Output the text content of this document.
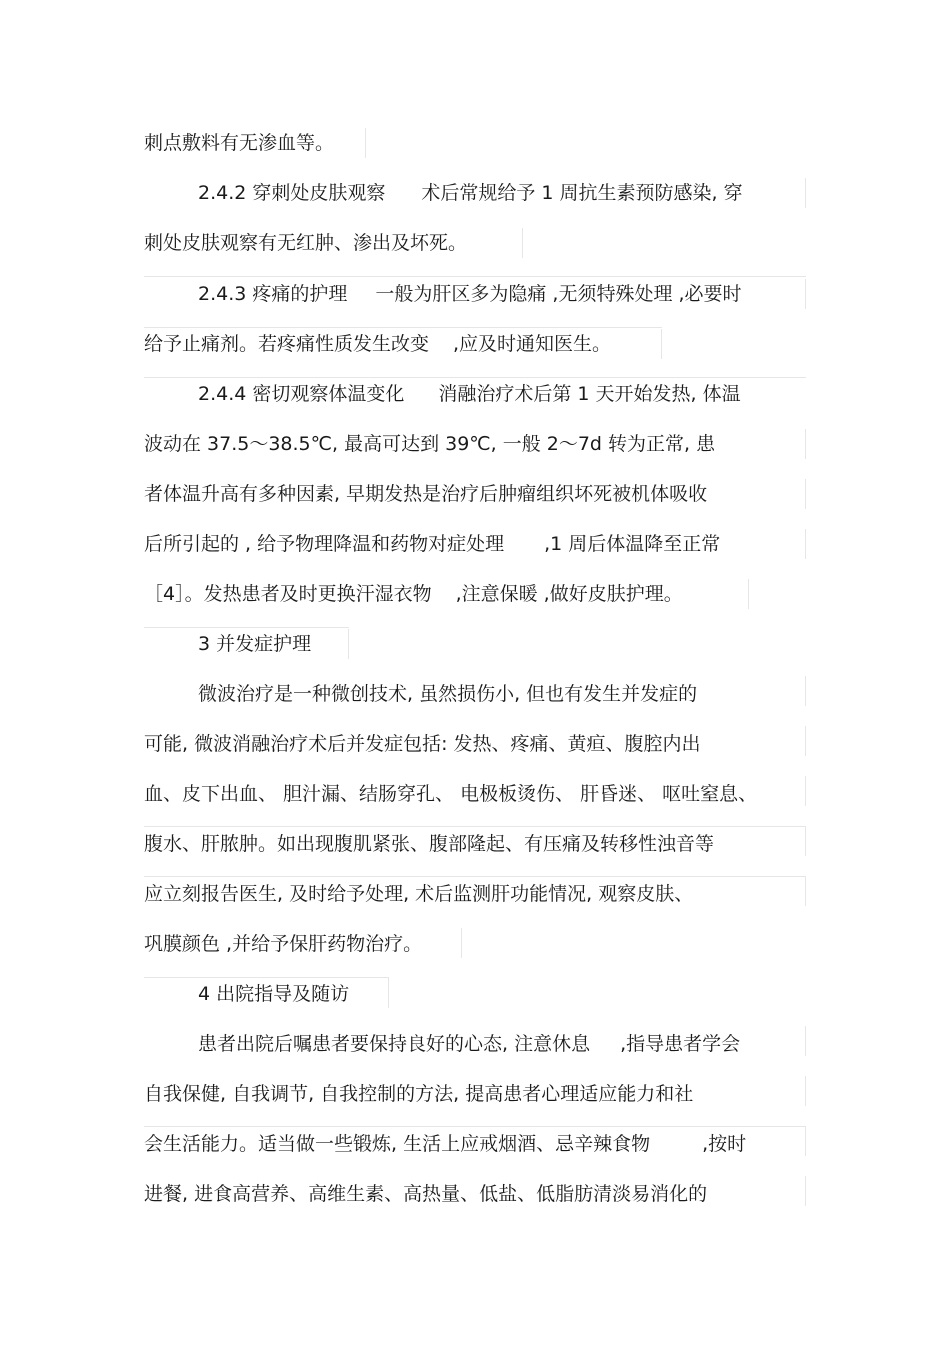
刺点敷料有无渗血等。
2.4.2 穿刺处皮肤观察 术后常规给予 1 周抗生素预防感染, 穿
刺处皮肤观察有无红肿、渗出及坏死。
2.4.3 疼痛的护理 一般为肝区多为隐痛 ,无须特殊处理 ,必要时
给予止痛剂。若疼痛性质发生改变 ,应及时通知医生。
2.4.4 密切观察体温变化 消融治疗术后第 1 天开始发热, 体温
波动在 37.5～38.5℃, 最高可达到 39℃, 一般 2～7d 转为正常, 患
者体温升高有多种因素, 早期发热是治疗后肿瘤组织坏死被机体吸收
后所引起的 , 给予物理降温和药物对症处理 ,1 周后体温降至正常
［4］。发热患者及时更换汗湿衣物 ,注意保暖 ,做好皮肤护理。
3 并发症护理
微波治疗是一种微创技术, 虽然损伤小, 但也有发生并发症的
可能, 微波消融治疗术后并发症包括: 发热、疼痛、黄疸、腹腔内出
血、皮下出血、 胆汁漏、结肠穿孔、 电极板烫伤、 肝昏迷、 呕吐窒息、
腹水、肝脓肿。如出现腹肌紧张、腹部隆起、有压痛及转移性浊音等
应立刻报告医生, 及时给予处理, 术后监测肝功能情况, 观察皮肤、
巩膜颜色 ,并给予保肝药物治疗。
4 出院指导及随访
患者出院后嘱患者要保持良好的心态, 注意休息 ,指导患者学会
自我保健, 自我调节, 自我控制的方法, 提高患者心理适应能力和社
会生活能力。适当做一些锻炼, 生活上应戒烟酒、忌辛辣食物	,按时
进餐, 进食高营养、高维生素、高热量、低盐、低脂肪清淡易消化的
